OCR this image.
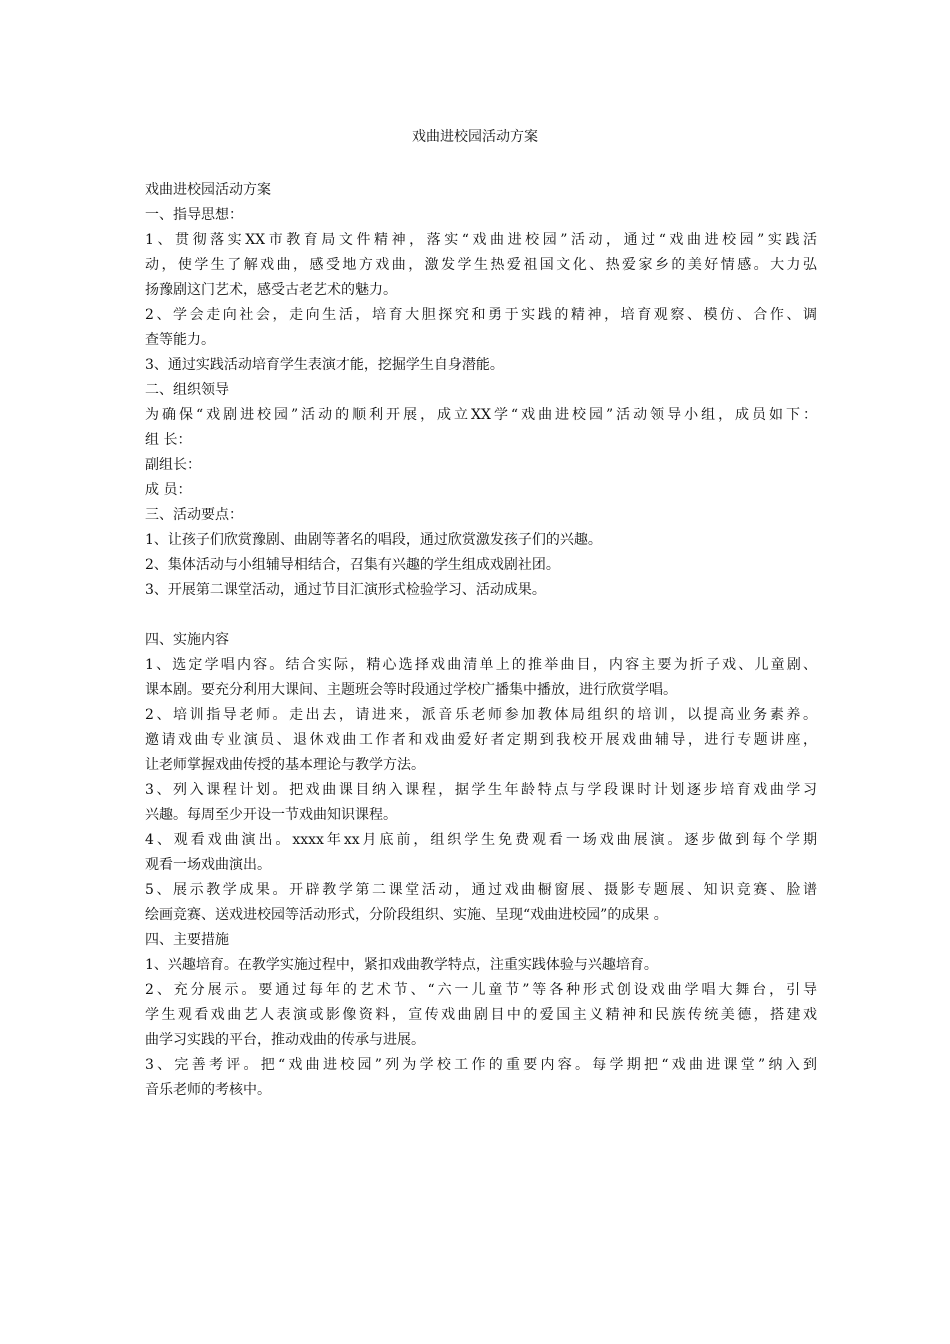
戏曲进校园活动方案
戏曲进校园活动方案
一、指导思想：
1、贯彻落实XX市教育局文件精神，落实“戏曲进校园”活动，通过“戏曲进校园”实践活
动，使学生了解戏曲，感受地方戏曲，激发学生热爱祖国文化、热爱家乡的美好情感。大力弘
扬豫剧这门艺术，感受古老艺术的魅力。
2、学会走向社会，走向生活，培育大胆探究和勇于实践的精神，培育观察、模仿、合作、调
查等能力。
3、通过实践活动培育学生表演才能，挖掘学生自身潜能。
二、组织领导
为确保“戏剧进校园”活动的顺利开展，成立XX学“戏曲进校园”活动领导小组，成员如下：
组 长：
副组长：
成 员：
三、活动要点：
1、让孩子们欣赏豫剧、曲剧等著名的唱段，通过欣赏激发孩子们的兴趣。
2、集体活动与小组辅导相结合，召集有兴趣的学生组成戏剧社团。
3、开展第二课堂活动，通过节目汇演形式检验学习、活动成果。
四、实施内容
1、选定学唱内容。结合实际，精心选择戏曲清单上的推举曲目，内容主要为折子戏、儿童剧、
课本剧。要充分利用大课间、主题班会等时段通过学校广播集中播放，进行欣赏学唱。
2、培训指导老师。走出去，请进来，派音乐老师参加教体局组织的培训，以提高业务素养。
邀请戏曲专业演员、退休戏曲工作者和戏曲爱好者定期到我校开展戏曲辅导，进行专题讲座，
让老师掌握戏曲传授的基本理论与教学方法。
3、列入课程计划。把戏曲课目纳入课程，据学生年龄特点与学段课时计划逐步培育戏曲学习
兴趣。每周至少开设一节戏曲知识课程。
4、观看戏曲演出。xxxx年xx月底前，组织学生免费观看一场戏曲展演。逐步做到每个学期
观看一场戏曲演出。
5、展示教学成果。开辟教学第二课堂活动，通过戏曲橱窗展、摄影专题展、知识竞赛、脸谱
绘画竞赛、送戏进校园等活动形式，分阶段组织、实施、呈现“戏曲进校园”的成果 。
四、主要措施
1、兴趣培育。在教学实施过程中，紧扣戏曲教学特点，注重实践体验与兴趣培育。
2、充分展示。要通过每年的艺术节、“六一儿童节”等各种形式创设戏曲学唱大舞台，引导
学生观看戏曲艺人表演或影像资料，宣传戏曲剧目中的爱国主义精神和民族传统美德，搭建戏
曲学习实践的平台，推动戏曲的传承与进展。
3、完善考评。把“戏曲进校园”列为学校工作的重要内容。每学期把“戏曲进课堂”纳入到
音乐老师的考核中。
